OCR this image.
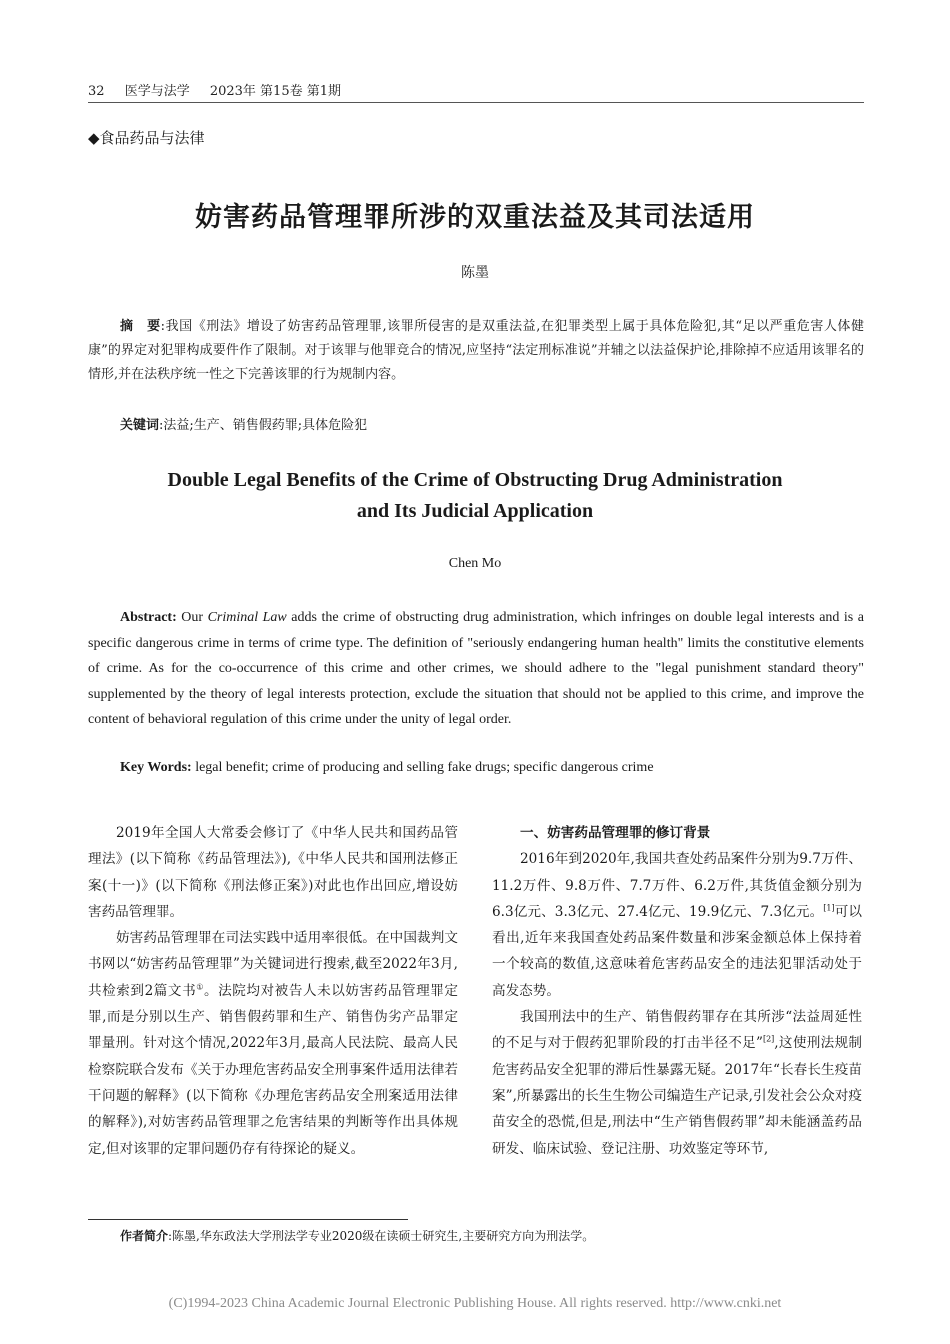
32 医学与法学 2023年 第15卷 第1期
◆食品药品与法律
妨害药品管理罪所涉的双重法益及其司法适用
陈墨

摘　要:我国《刑法》增设了妨害药品管理罪,该罪所侵害的是双重法益,在犯罪类型上属于具体危险犯,其“足以严重危害人体健康”的界定对犯罪构成要件作了限制。对于该罪与他罪竞合的情况,应坚持“法定刑标准说”并辅之以法益保护论,排除掉不应适用该罪名的情形,并在法秩序统一性之下完善该罪的行为规制内容。

关键词:法益;生产、销售假药罪;具体危险犯
Double Legal Benefits of the Crime of Obstructing Drug Administration
and Its Judicial Application
Chen Mo

Abstract: Our Criminal Law adds the crime of obstructing drug administration, which infringes on double legal interests and is a specific dangerous crime in terms of crime type. The definition of "seriously endangering human health" limits the constitutive elements of crime. As for the co-occurrence of this crime and other crimes, we should adhere to the "legal punishment standard theory" supplemented by the theory of legal interests protection, exclude the situation that should not be applied to this crime, and improve the content of behavioral regulation of this crime under the unity of legal order.

Key Words: legal benefit; crime of producing and selling fake drugs; specific dangerous crime

2019年全国人大常委会修订了《中华人民共和国药品管理法》(以下简称《药品管理法》),《中华人民共和国刑法修正案(十一)》(以下简称《刑法修正案》)对此也作出回应,增设妨害药品管理罪。

妨害药品管理罪在司法实践中适用率很低。在中国裁判文书网以“妨害药品管理罪”为关键词进行搜索,截至2022年3月,共检索到2篇文书①。法院均对被告人未以妨害药品管理罪定罪,而是分别以生产、销售假药罪和生产、销售伪劣产品罪定罪量刑。针对这个情况,2022年3月,最高人民法院、最高人民检察院联合发布《关于办理危害药品安全刑事案件适用法律若干问题的解释》(以下简称《办理危害药品安全刑案适用法律的解释》),对妨害药品管理罪之危害结果的判断等作出具体规定,但对该罪的定罪问题仍存有待探论的疑义。

一、妨害药品管理罪的修订背景

2016年到2020年,我国共查处药品案件分别为9.7万件、11.2万件、9.8万件、7.7万件、6.2万件,其货值金额分别为6.3亿元、3.3亿元、27.4亿元、19.9亿元、7.3亿元。[1]可以看出,近年来我国查处药品案件数量和涉案金额总体上保持着一个较高的数值,这意味着危害药品安全的违法犯罪活动处于高发态势。

我国刑法中的生产、销售假药罪存在其所涉“法益周延性的不足与对于假药犯罪阶段的打击半径不足”[2],这使刑法规制危害药品安全犯罪的滞后性暴露无疑。2017年“长春长生疫苗案”,所暴露出的长生生物公司编造生产记录,引发社会公众对疫苗安全的恐慌,但是,刑法中“生产销售假药罪”却未能涵盖药品研发、临床试验、登记注册、功效鉴定等环节,

作者简介:陈墨,华东政法大学刑法学专业2020级在读硕士研究生,主要研究方向为刑法学。
(C)1994-2023 China Academic Journal Electronic Publishing House. All rights reserved. http://www.cnki.net
